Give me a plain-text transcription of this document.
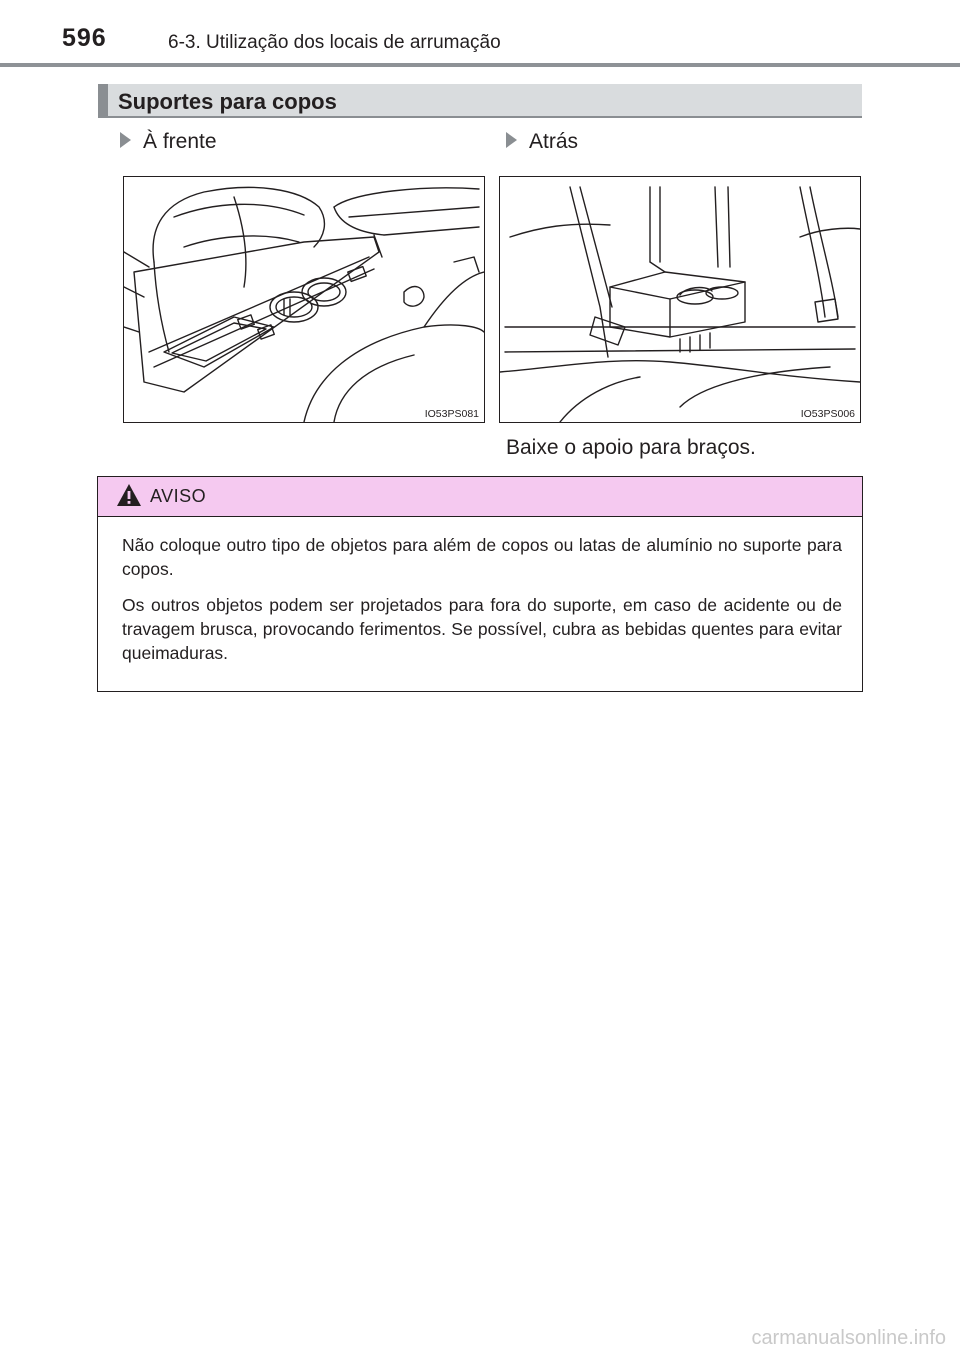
596	6-3. Utilização dos locais de arrumação
Suportes para copos
À frente	Atrás
IO53PS081	IO53PS006
Baixe o apoio para braços.
AVISO

Não coloque outro tipo de objetos para além de copos ou latas de alumínio no suporte para copos.

Os outros objetos podem ser projetados para fora do suporte, em caso de acidente ou de travagem brusca, provocando ferimentos. Se possível, cubra as bebidas quentes para evitar queimaduras.

carmanualsonline.info
